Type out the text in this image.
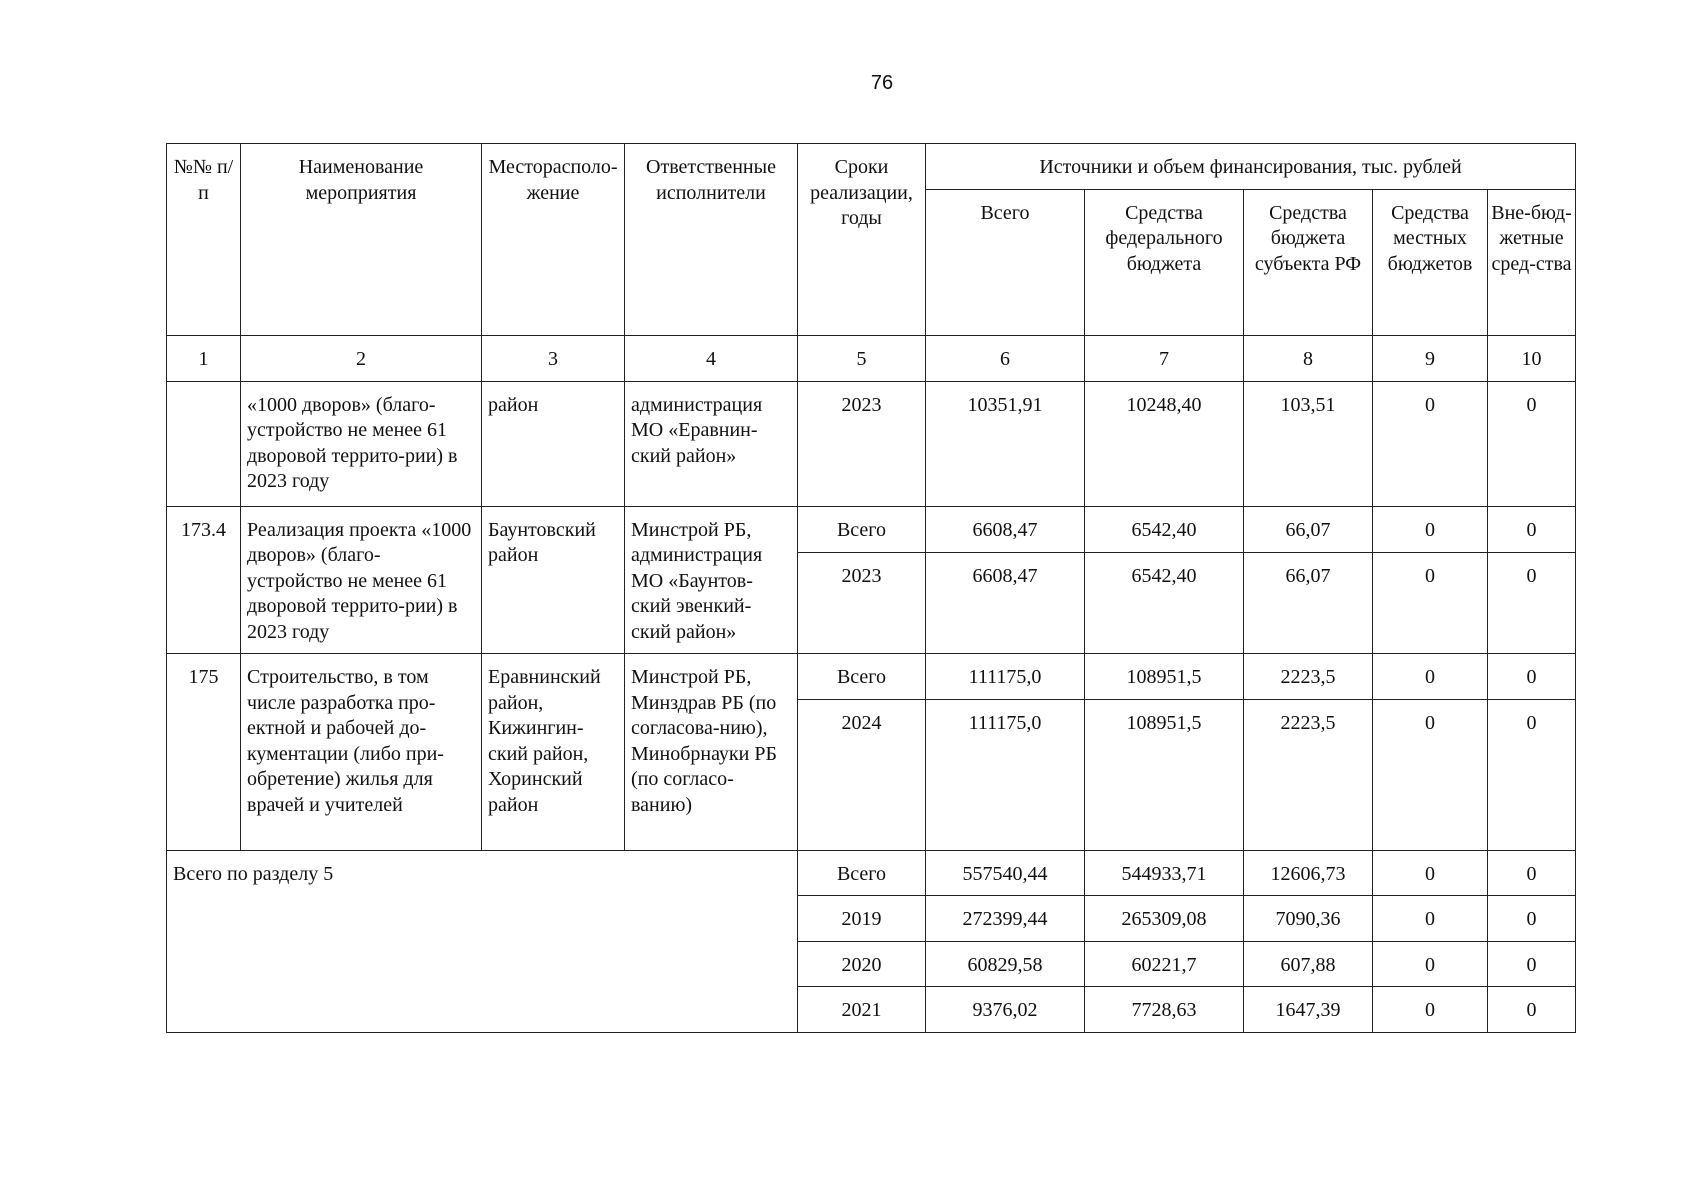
76
№№ п/п	Наименование мероприятия	Месторасполо-жение	Ответственные исполнители	Сроки реализации, годы	Источники и объем финансирования, тыс. рублей				
					Всего	Средства федерального бюджета	Средства бюджета субъекта РФ	Средства местных бюджетов	Вне-бюд-жетные сред-ства
1	2	3	4	5	6	7	8	9	10
	«1000 дворов» (благо-устройство не менее 61 дворовой террито-рии) в 2023 году	район	администрация МО «Еравнин-ский район»	2023	10351,91	10248,40	103,51	0	0
173.4	Реализация проекта «1000 дворов» (благо-устройство не менее 61 дворовой террито-рии) в 2023 году	Баунтовский район	Минстрой РБ, администрация МО «Баунтов-ский эвенкий-ский район»	Всего	6608,47	6542,40	66,07	0	0
				2023	6608,47	6542,40	66,07	0	0
175	Строительство, в том числе разработка про-ектной и рабочей до-кументации (либо при-обретение) жилья для врачей и учителей	Еравнинский район, Кижингин-ский район, Хоринский район	Минстрой РБ, Минздрав РБ (по согласова-нию), Минобрнауки РБ (по согласо-ванию)	Всего	111175,0	108951,5	2223,5	0	0
				2024	111175,0	108951,5	2223,5	0	0
Всего по разделу 5				Всего	557540,44	544933,71	12606,73	0	0
				2019	272399,44	265309,08	7090,36	0	0
				2020	60829,58	60221,7	607,88	0	0
				2021	9376,02	7728,63	1647,39	0	0
